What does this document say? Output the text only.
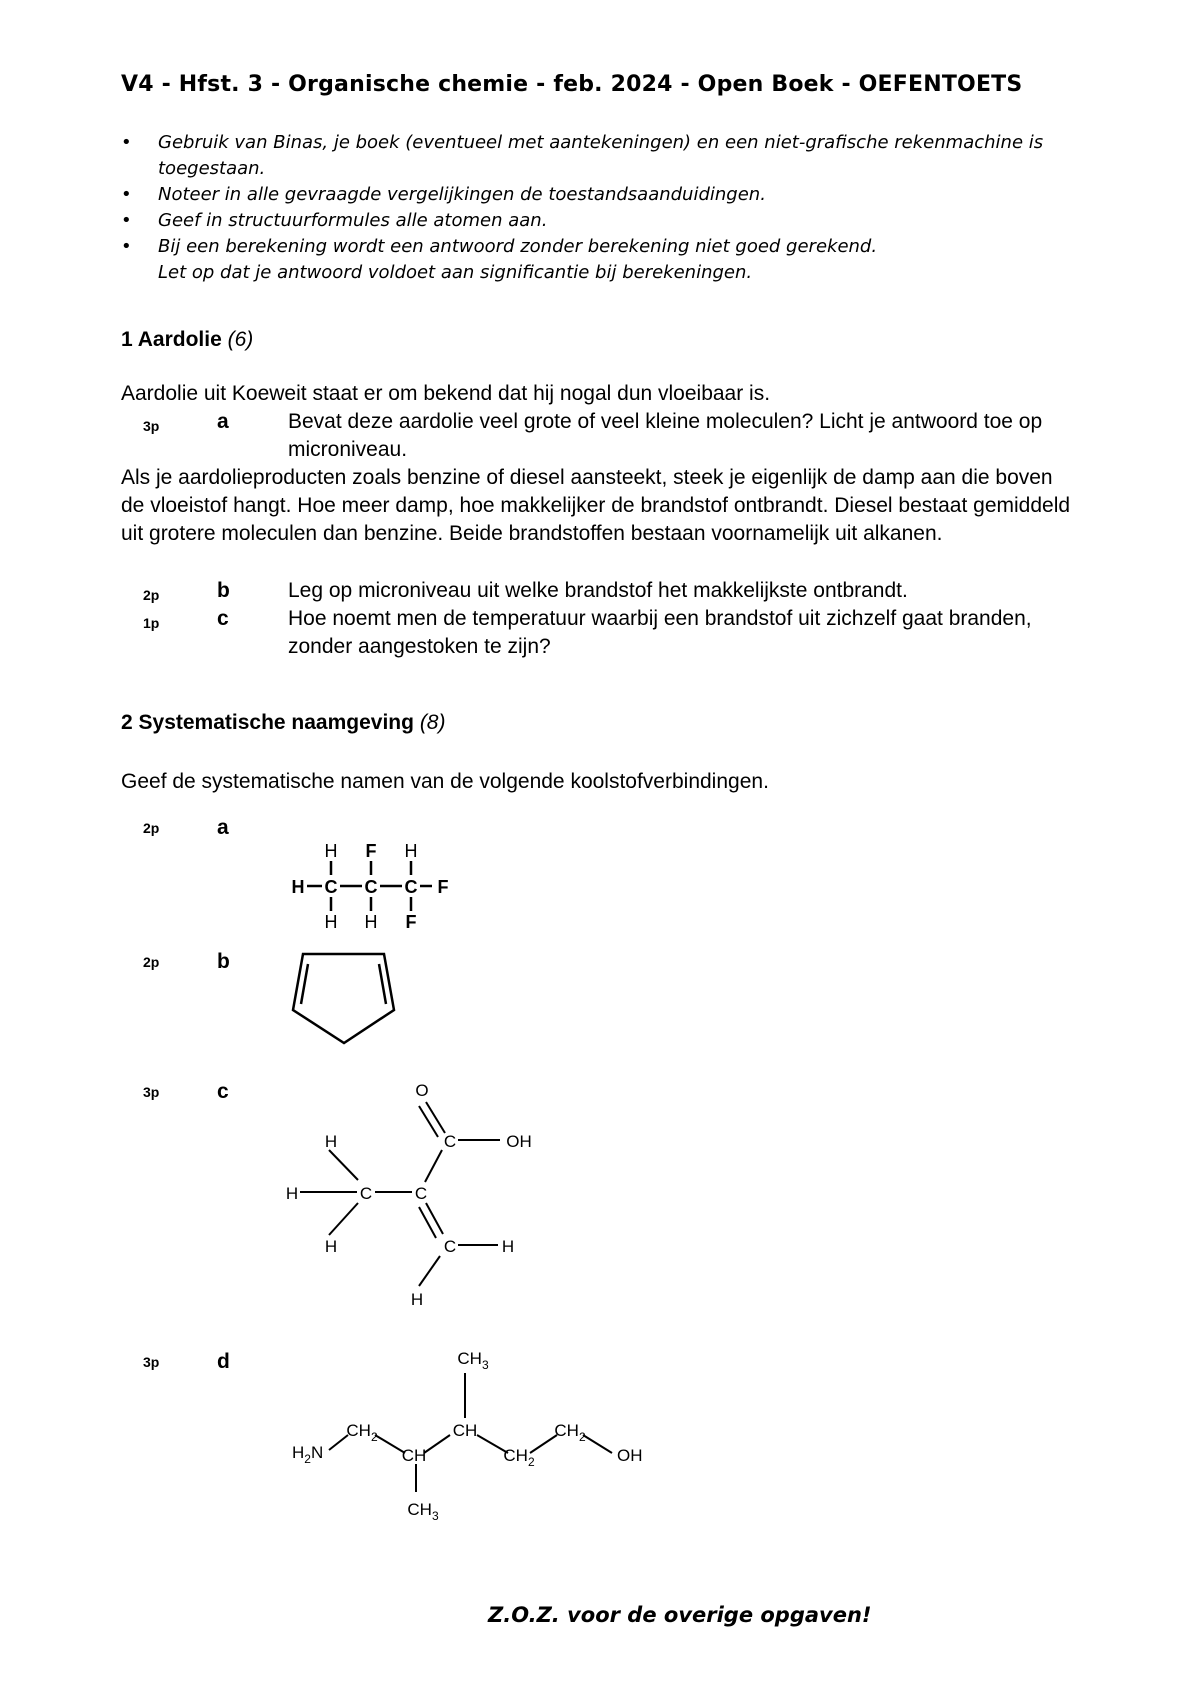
V4 - Hfst. 3 - Organische chemie - feb. 2024 - Open Boek - OEFENTOETS
• Gebruik van Binas, je boek (eventueel met aantekeningen) en een niet-grafische rekenmachine is
toegestaan.
• Noteer in alle gevraagde vergelijkingen de toestandsaanduidingen.
• Geef in structuurformules alle atomen aan.
• Bij een berekening wordt een antwoord zonder berekening niet goed gerekend.
Let op dat je antwoord voldoet aan significantie bij berekeningen.
1 Aardolie (6)
Aardolie uit Koeweit staat er om bekend dat hij nogal dun vloeibaar is.
3p	a	Bevat deze aardolie veel grote of veel kleine moleculen? Licht je antwoord toe op microniveau.
Als je aardolieproducten zoals benzine of diesel aansteekt, steek je eigenlijk de damp aan die boven de vloeistof hangt. Hoe meer damp, hoe makkelijker de brandstof ontbrandt. Diesel bestaat gemiddeld uit grotere moleculen dan benzine. Beide brandstoffen bestaan voornamelijk uit alkanen.
2p	b	Leg op microniveau uit welke brandstof het makkelijkste ontbrandt.
1p	c	Hoe noemt men de temperatuur waarbij een brandstof uit zichzelf gaat branden, zonder aangestoken te zijn?
2 Systematische naamgeving (8)
Geef de systematische namen van de volgende koolstofverbindingen.
2p	a
2p	b
3p	c
3p	d
H C C C F
H F H
H H F
O
C	OH
H
H	C	C
H	C	H
H
$CH_3$
$H_2N$
$CH_2$
CH
CH
$CH_2$
$CH_2$
OH
$CH_3$
Z.O.Z. voor de overige opgaven!
